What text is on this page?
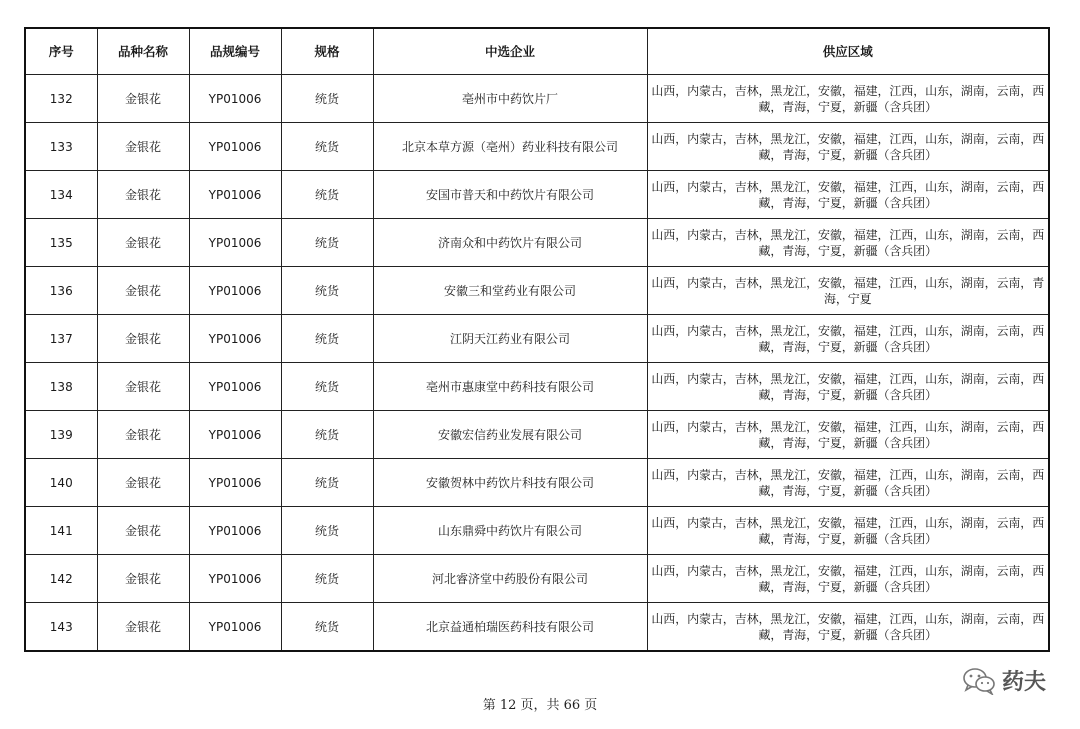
序号	品种名称	品规编号	规格	中选企业	供应区域
132	金银花	YP01006	统货	亳州市中药饮片厂	山西，内蒙古，吉林，黑龙江，安徽，福建，江西，山东，湖南，云南，西藏，青海，宁夏，新疆（含兵团）
133	金银花	YP01006	统货	北京本草方源（亳州）药业科技有限公司	山西，内蒙古，吉林，黑龙江，安徽，福建，江西，山东，湖南，云南，西藏，青海，宁夏，新疆（含兵团）
134	金银花	YP01006	统货	安国市普天和中药饮片有限公司	山西，内蒙古，吉林，黑龙江，安徽，福建，江西，山东，湖南，云南，西藏，青海，宁夏，新疆（含兵团）
135	金银花	YP01006	统货	济南众和中药饮片有限公司	山西，内蒙古，吉林，黑龙江，安徽，福建，江西，山东，湖南，云南，西藏，青海，宁夏，新疆（含兵团）
136	金银花	YP01006	统货	安徽三和堂药业有限公司	山西，内蒙古，吉林，黑龙江，安徽，福建，江西，山东，湖南，云南，青海，宁夏
137	金银花	YP01006	统货	江阴天江药业有限公司	山西，内蒙古，吉林，黑龙江，安徽，福建，江西，山东，湖南，云南，西藏，青海，宁夏，新疆（含兵团）
138	金银花	YP01006	统货	亳州市惠康堂中药科技有限公司	山西，内蒙古，吉林，黑龙江，安徽，福建，江西，山东，湖南，云南，西藏，青海，宁夏，新疆（含兵团）
139	金银花	YP01006	统货	安徽宏信药业发展有限公司	山西，内蒙古，吉林，黑龙江，安徽，福建，江西，山东，湖南，云南，西藏，青海，宁夏，新疆（含兵团）
140	金银花	YP01006	统货	安徽贺林中药饮片科技有限公司	山西，内蒙古，吉林，黑龙江，安徽，福建，江西，山东，湖南，云南，西藏，青海，宁夏，新疆（含兵团）
141	金银花	YP01006	统货	山东鼎舜中药饮片有限公司	山西，内蒙古，吉林，黑龙江，安徽，福建，江西，山东，湖南，云南，西藏，青海，宁夏，新疆（含兵团）
142	金银花	YP01006	统货	河北睿济堂中药股份有限公司	山西，内蒙古，吉林，黑龙江，安徽，福建，江西，山东，湖南，云南，西藏，青海，宁夏，新疆（含兵团）
143	金银花	YP01006	统货	北京益通柏瑞医药科技有限公司	山西，内蒙古，吉林，黑龙江，安徽，福建，江西，山东，湖南，云南，西藏，青海，宁夏，新疆（含兵团）
第 12 页，共 66 页
药夫
